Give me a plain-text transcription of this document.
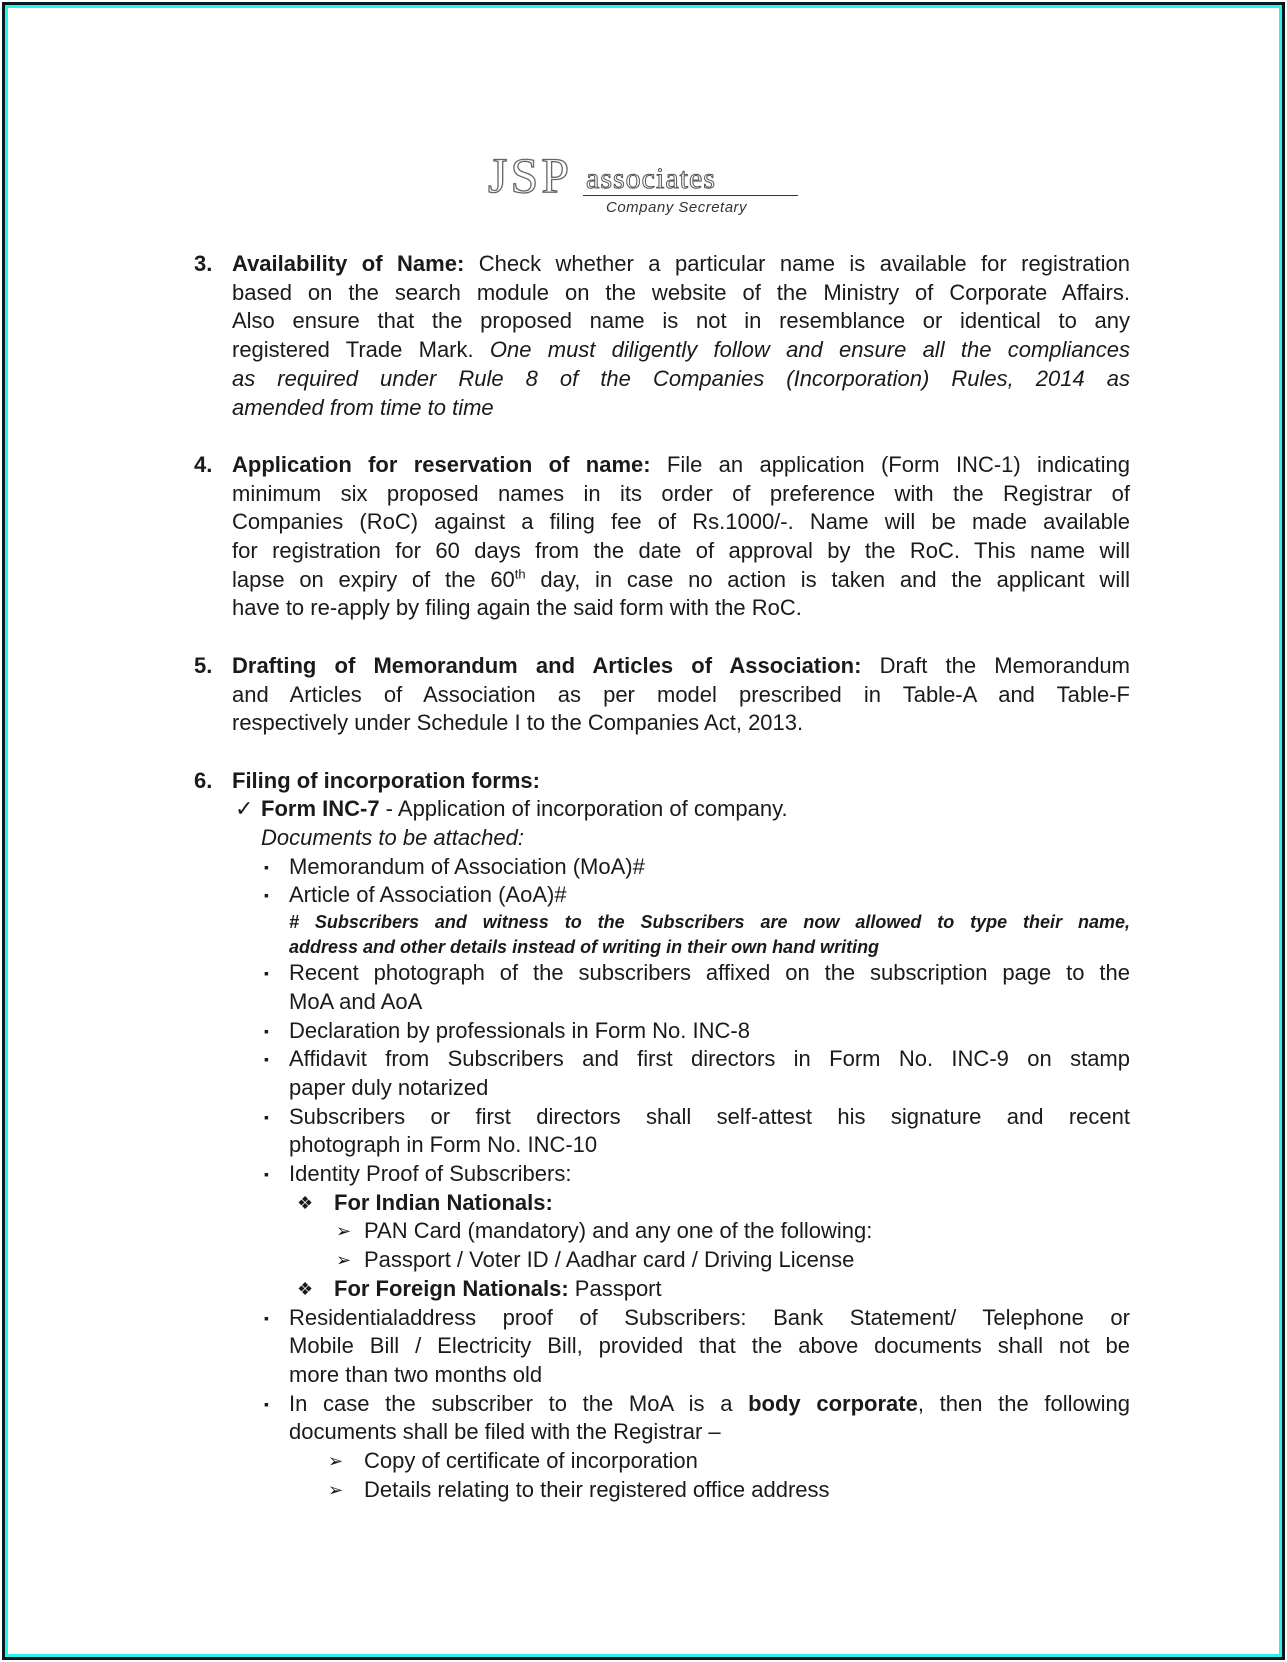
JSP associates
Company Secretary
3. Availability of Name: Check whether a particular name is available for registration
based on the search module on the website of the Ministry of Corporate Affairs.
Also ensure that the proposed name is not in resemblance or identical to any
registered Trade Mark. One must diligently follow and ensure all the compliances
as required under Rule 8 of the Companies (Incorporation) Rules, 2014 as
amended from time to time
4. Application for reservation of name: File an application (Form INC-1) indicating
minimum six proposed names in its order of preference with the Registrar of
Companies (RoC) against a filing fee of Rs.1000/-. Name will be made available
for registration for 60 days from the date of approval by the RoC. This name will
lapse on expiry of the 60th day, in case no action is taken and the applicant will
have to re-apply by filing again the said form with the RoC.
5. Drafting of Memorandum and Articles of Association: Draft the Memorandum
and Articles of Association as per model prescribed in Table-A and Table-F
respectively under Schedule I to the Companies Act, 2013.
6. Filing of incorporation forms:
✓ Form INC-7 - Application of incorporation of company.
Documents to be attached:
▪ Memorandum of Association (MoA)#
▪ Article of Association (AoA)#
# Subscribers and witness to the Subscribers are now allowed to type their name,
address and other details instead of writing in their own hand writing
▪ Recent photograph of the subscribers affixed on the subscription page to the
MoA and AoA
▪ Declaration by professionals in Form No. INC-8
▪ Affidavit from Subscribers and first directors in Form No. INC-9 on stamp
paper duly notarized
▪ Subscribers or first directors shall self-attest his signature and recent
photograph in Form No. INC-10
▪ Identity Proof of Subscribers:
❖ For Indian Nationals:
➢ PAN Card (mandatory) and any one of the following:
➢ Passport / Voter ID / Aadhar card / Driving License
❖ For Foreign Nationals: Passport
▪ Residentialaddress proof of Subscribers: Bank Statement/ Telephone or
Mobile Bill / Electricity Bill, provided that the above documents shall not be
more than two months old
▪ In case the subscriber to the MoA is a body corporate, then the following
documents shall be filed with the Registrar –
➢ Copy of certificate of incorporation
➢ Details relating to their registered office address
